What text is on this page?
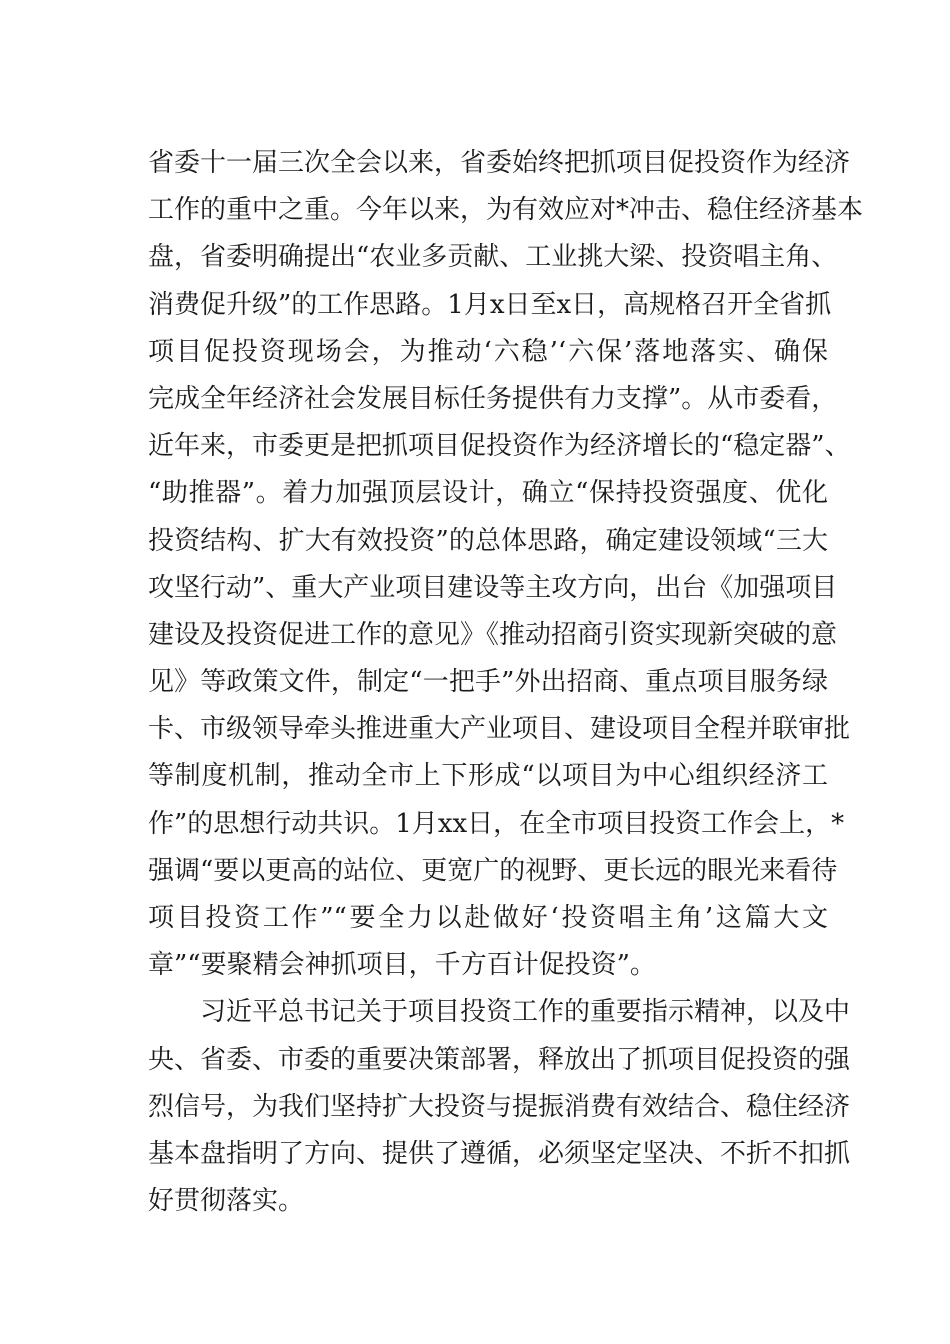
省委十一届三次全会以来，省委始终把抓项目促投资作为经济
工作的重中之重。今年以来，为有效应对*冲击、稳住经济基本
盘，省委明确提出“农业多贡献、工业挑大梁、投资唱主角、
消费促升级”的工作思路。1月x日至x日，高规格召开全省抓
项目促投资现场会，为推动‘六稳’‘六保’落地落实、确保
完成全年经济社会发展目标任务提供有力支撑”。从市委看，
近年来，市委更是把抓项目促投资作为经济增长的“稳定器”、
“助推器”。着力加强顶层设计，确立“保持投资强度、优化
投资结构、扩大有效投资”的总体思路，确定建设领域“三大
攻坚行动”、重大产业项目建设等主攻方向，出台《加强项目
建设及投资促进工作的意见》《推动招商引资实现新突破的意
见》等政策文件，制定“一把手”外出招商、重点项目服务绿
卡、市级领导牵头推进重大产业项目、建设项目全程并联审批
等制度机制，推动全市上下形成“以项目为中心组织经济工
作”的思想行动共识。1月xx日，在全市项目投资工作会上，*
强调“要以更高的站位、更宽广的视野、更长远的眼光来看待
项目投资工作”“要全力以赴做好‘投资唱主角’这篇大文
章”“要聚精会神抓项目，千方百计促投资”。
　　习近平总书记关于项目投资工作的重要指示精神，以及中
央、省委、市委的重要决策部署，释放出了抓项目促投资的强
烈信号，为我们坚持扩大投资与提振消费有效结合、稳住经济
基本盘指明了方向、提供了遵循，必须坚定坚决、不折不扣抓
好贯彻落实。
